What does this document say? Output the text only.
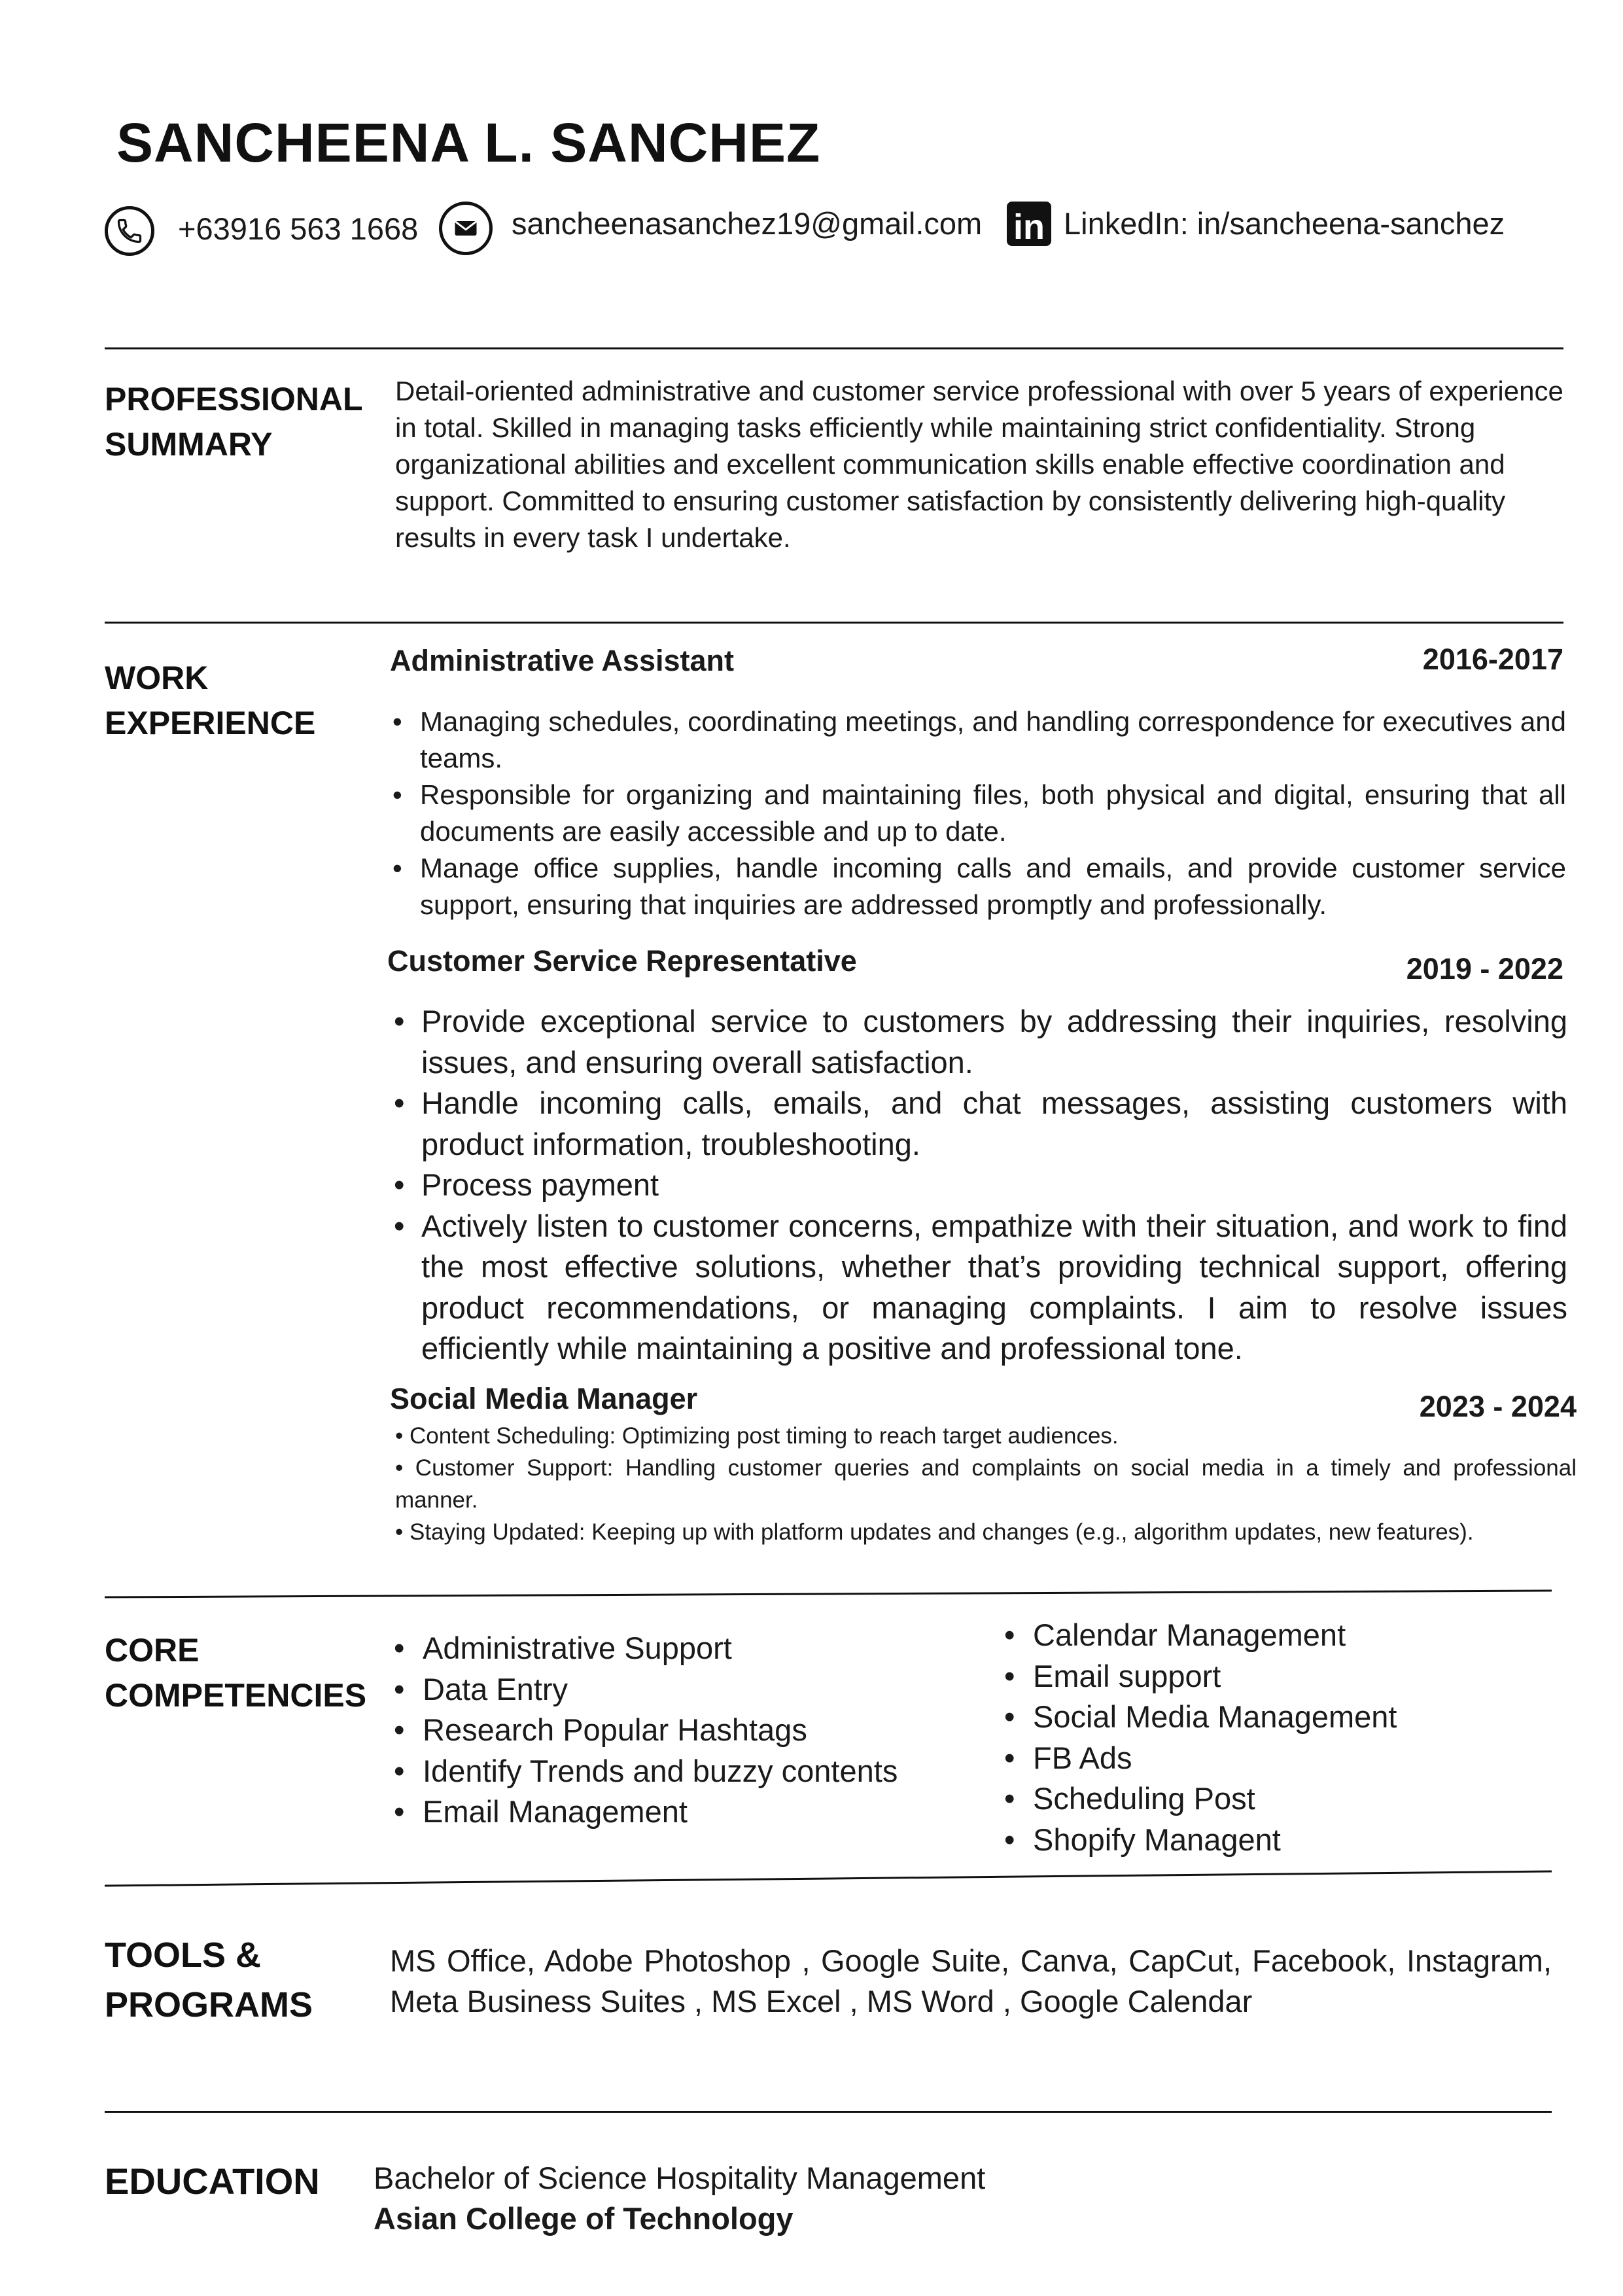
SANCHEENA L. SANCHEZ
+63916 563 1668	sancheenasanchez19@gmail.com in LinkedIn: in/sancheena-sanchez
PROFESSIONAL
SUMMARY
Detail-oriented administrative and customer service professional with over 5 years of experience in total. Skilled in managing tasks efficiently while maintaining strict confidentiality. Strong organizational abilities and excellent communication skills enable effective coordination and support. Committed to ensuring customer satisfaction by consistently delivering high-quality results in every task I undertake.
WORK
EXPERIENCE
Administrative Assistant	2016-2017
• Managing schedules, coordinating meetings, and handling correspondence for executives and teams.
• Responsible for organizing and maintaining files, both physical and digital, ensuring that all documents are easily accessible and up to date.
• Manage office supplies, handle incoming calls and emails, and provide customer service support, ensuring that inquiries are addressed promptly and professionally.
Customer Service Representative	2019 - 2022
• Provide exceptional service to customers by addressing their inquiries, resolving issues, and ensuring overall satisfaction.
• Handle incoming calls, emails, and chat messages, assisting customers with product information, troubleshooting.
• Process payment
• Actively listen to customer concerns, empathize with their situation, and work to find the most effective solutions, whether that’s providing technical support, offering product recommendations, or managing complaints. I aim to resolve issues efficiently while maintaining a positive and professional tone.
Social Media Manager	2023 - 2024

• Content Scheduling: Optimizing post timing to reach target audiences.

• Customer Support: Handling customer queries and complaints on social media in a timely and professional manner.

• Staying Updated: Keeping up with platform updates and changes (e.g., algorithm updates, new features).

CORE
COMPETENCIES
• Administrative Support
• Data Entry
• Research Popular Hashtags
• Identify Trends and buzzy contents
• Email Management
• Calendar Management
• Email support
• Social Media Management
• FB Ads
• Scheduling Post
• Shopify Managent
TOOLS &
PROGRAMS
MS Office, Adobe Photoshop , Google Suite, Canva, CapCut, Facebook, Instagram, Meta Business Suites , MS Excel , MS Word , Google Calendar
EDUCATION Bachelor of Science Hospitality Management
Asian College of Technology
